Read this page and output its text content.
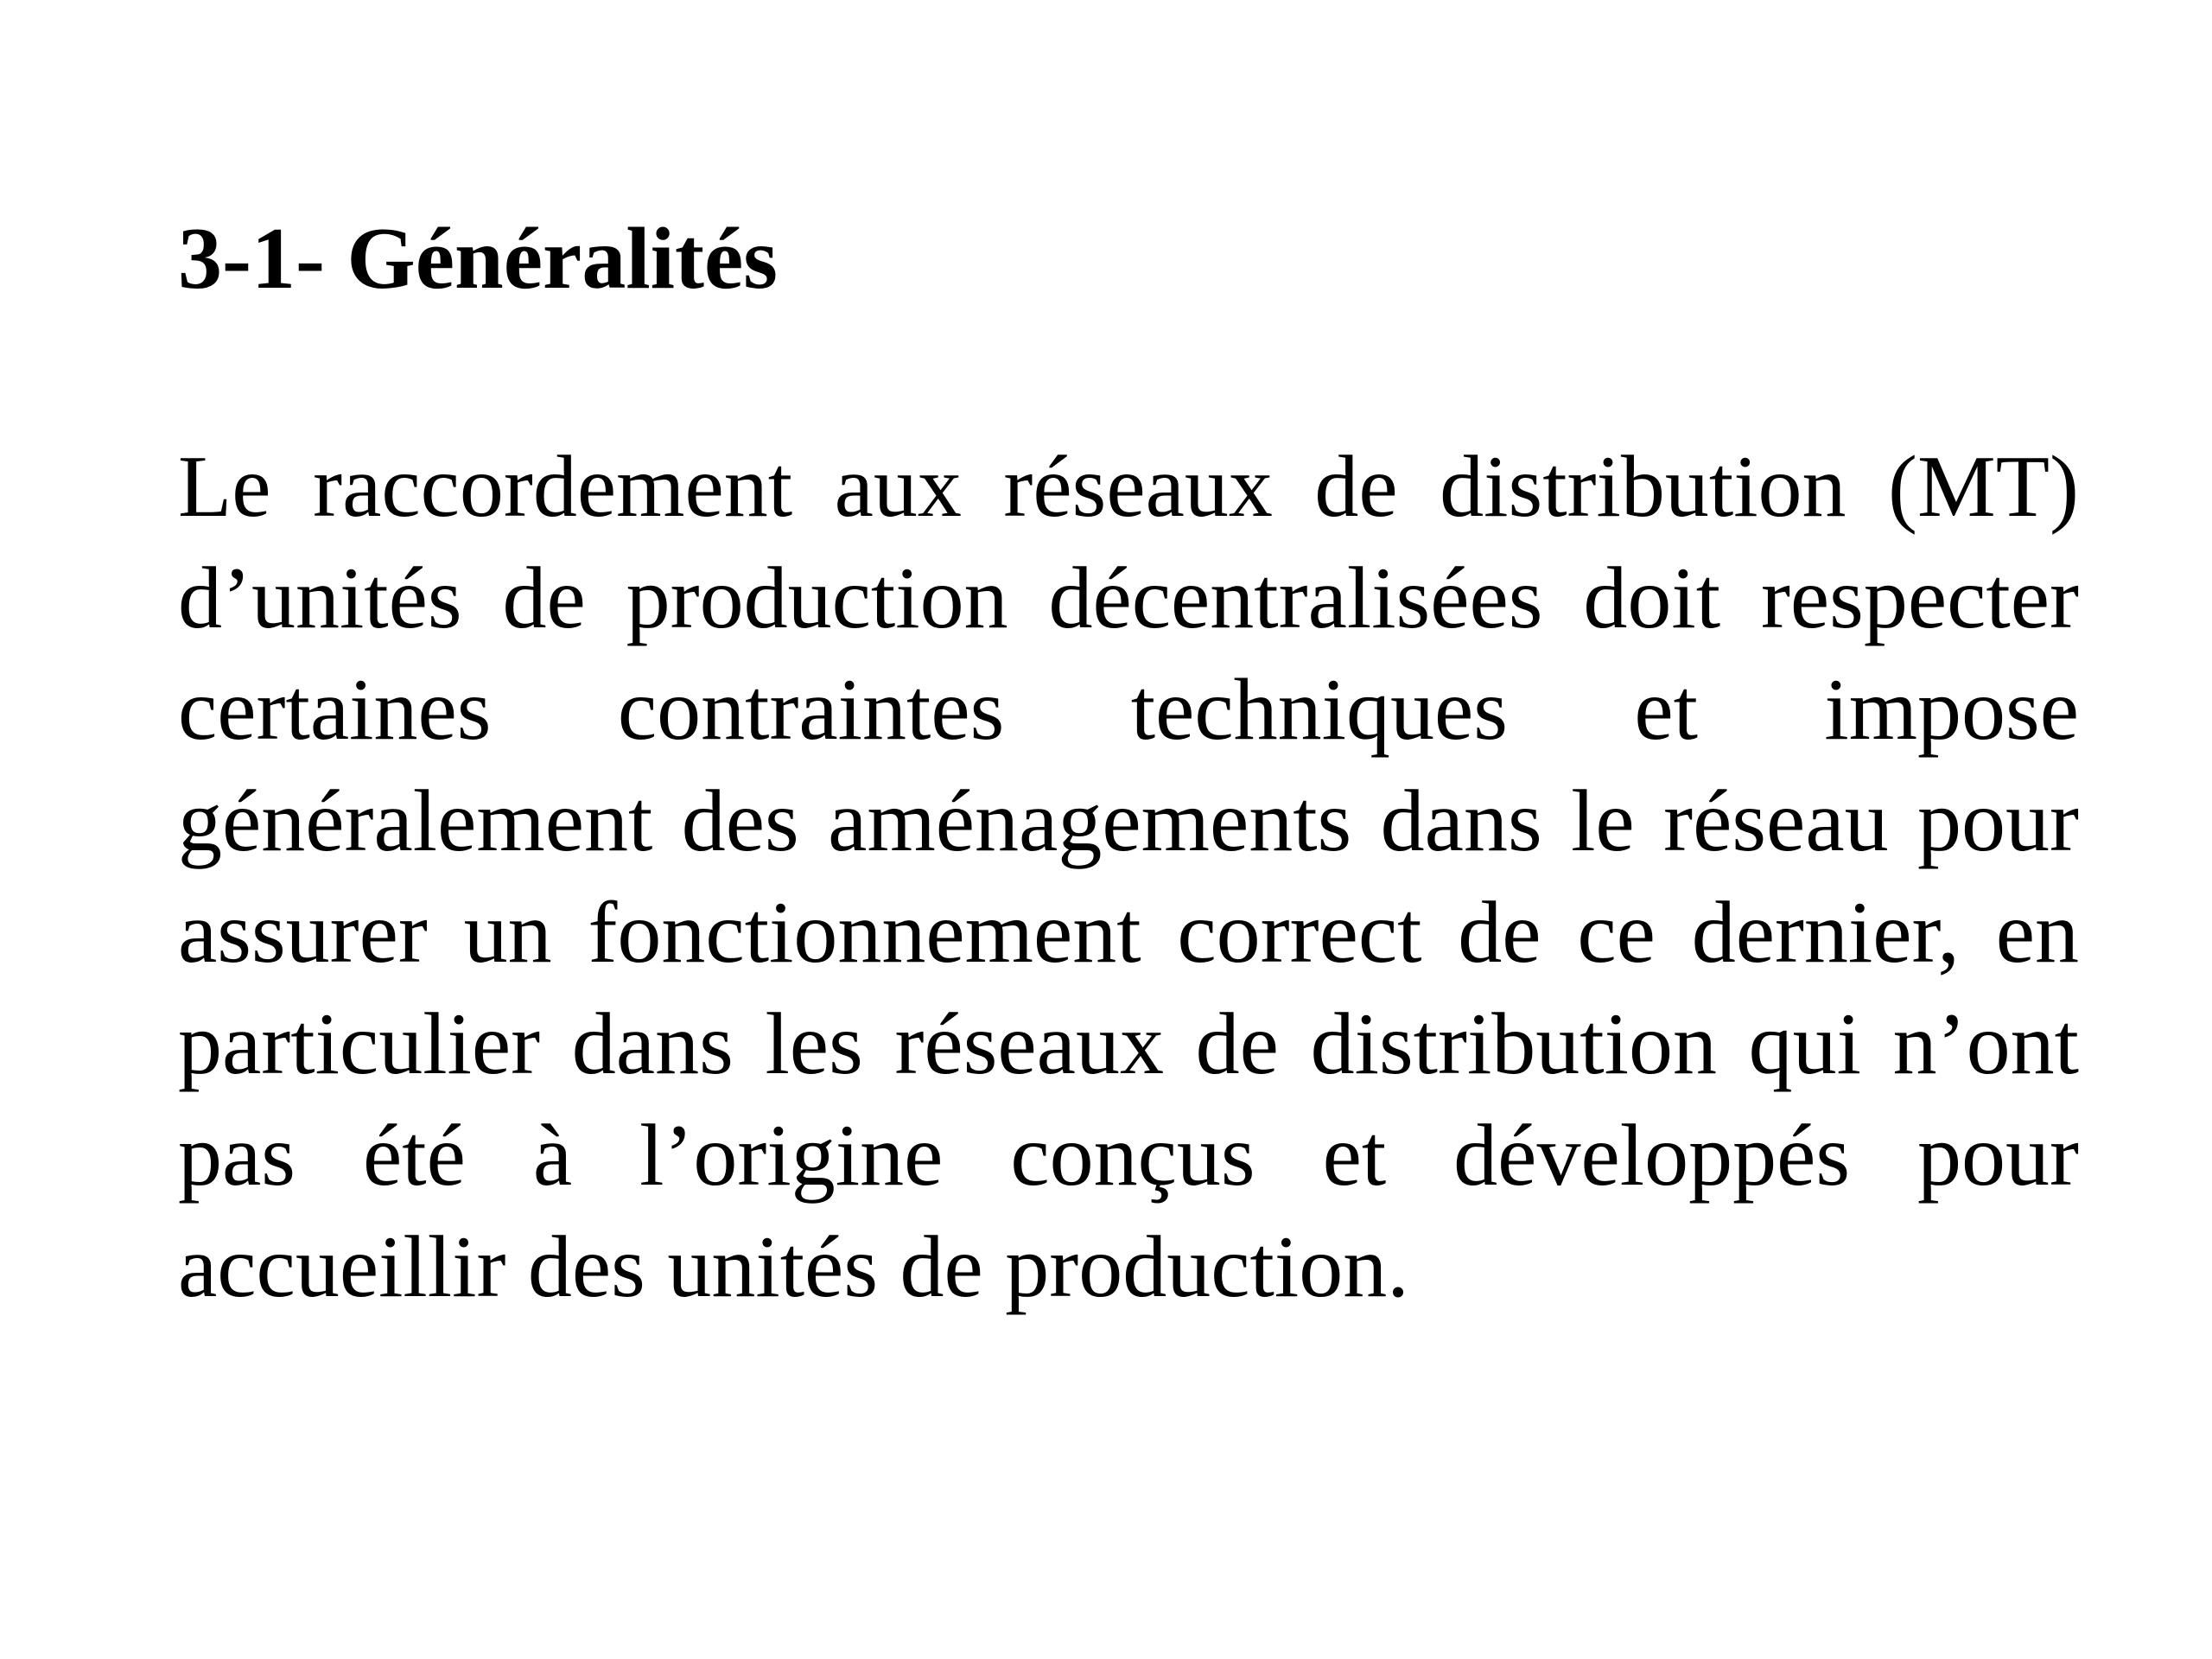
3-1- Généralités

Le raccordement aux réseaux de distribution (MT) d’unités de production décentralisées doit respecter certaines contraintes techniques et impose généralement des aménagements dans le réseau pour assurer un fonctionnement correct de ce dernier, en particulier dans les réseaux de distribution qui n’ont pas été à l’origine conçus et développés pour accueillir des unités de production.
